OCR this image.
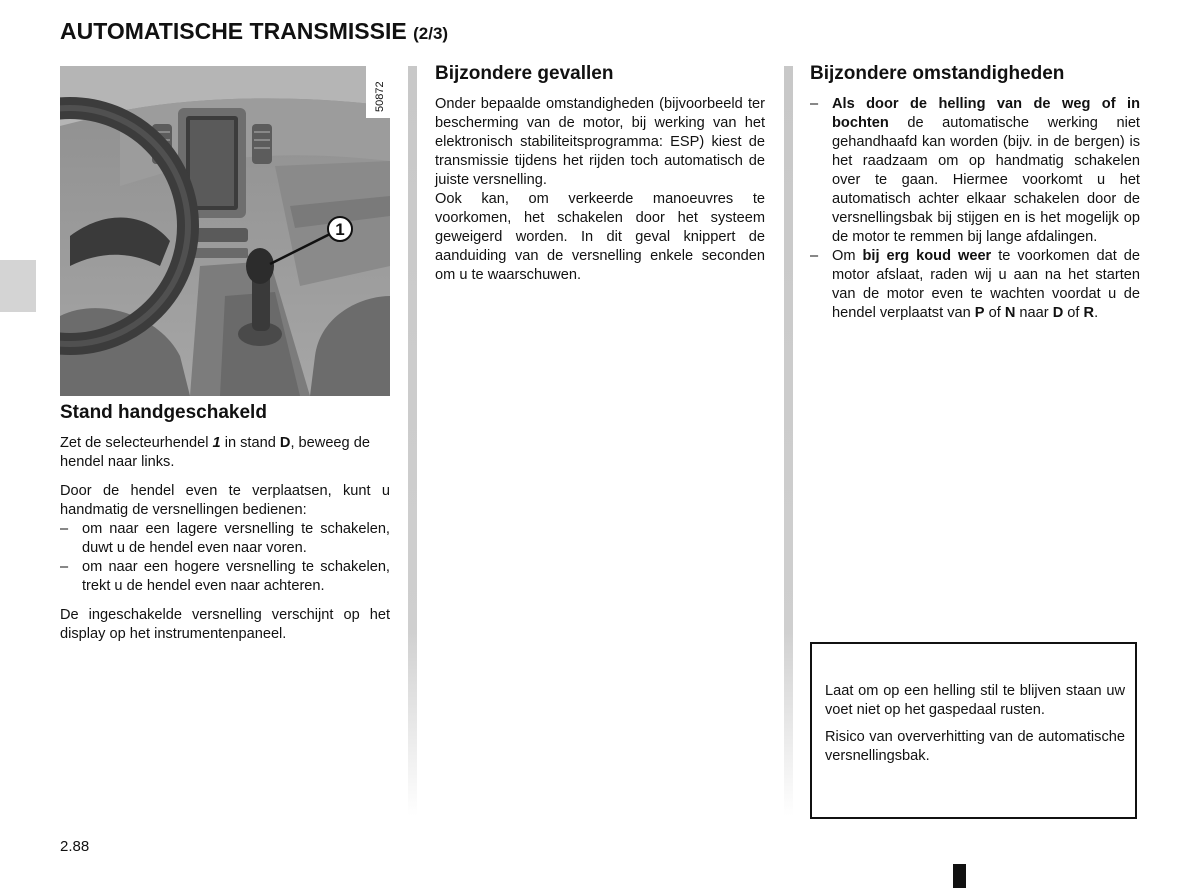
AUTOMATISCHE TRANSMISSIE (2/3)
1
50872
Stand handgeschakeld

Zet de selecteurhendel 1 in stand D, beweeg de hendel naar links.

Door de hendel even te verplaatsen, kunt u handmatig de versnellingen bedienen:

– om naar een lagere versnelling te schakelen, duwt u de hendel even naar voren.
– om naar een hogere versnelling te schakelen, trekt u de hendel even naar achteren.

De ingeschakelde versnelling verschijnt op het display op het instrumentenpaneel.

Bijzondere gevallen

Onder bepaalde omstandigheden (bijvoorbeeld ter bescherming van de motor, bij werking van het elektronisch stabiliteitsprogramma: ESP) kiest de transmissie tijdens het rijden toch automatisch de juiste versnelling.

Ook kan, om verkeerde manoeuvres te voorkomen, het schakelen door het systeem geweigerd worden. In dit geval knippert de aanduiding van de versnelling enkele seconden om u te waarschuwen.

Bijzondere omstandigheden
– Als door de helling van de weg of in bochten de automatische werking niet gehandhaafd kan worden (bijv. in de bergen) is het raadzaam om op handmatig schakelen over te gaan. Hiermee voorkomt u het automatisch achter elkaar schakelen door de versnellingsbak bij stijgen en is het mogelijk op de motor te remmen bij lange afdalingen.
– Om bij erg koud weer te voorkomen dat de motor afslaat, raden wij u aan na het starten van de motor even te wachten voordat u de hendel verplaatst van P of N naar D of R.

Laat om op een helling stil te blijven staan uw voet niet op het gaspedaal rusten.

Risico van oververhitting van de automatische versnellingsbak.

2.88
